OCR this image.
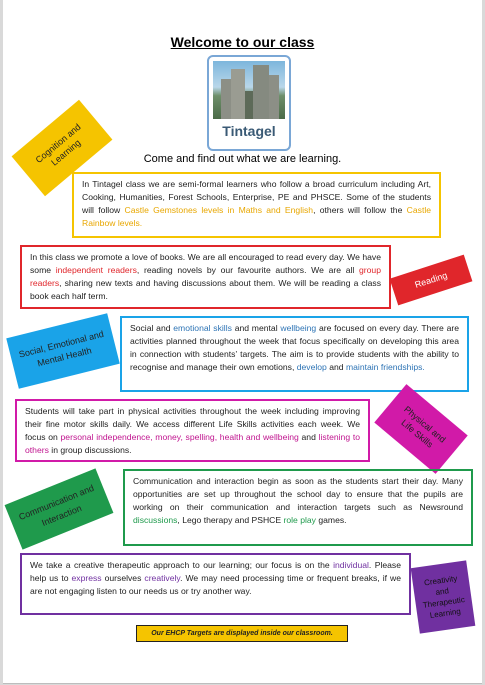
Welcome to our class
Tintagel
Come and find out what we are learning.
Cognition and Learning
In Tintagel class we are semi-formal learners who follow a broad curriculum including Art, Cooking, Humanities, Forest Schools, Enterprise, PE and PHSCE. Some of the students will follow Castle Gemstones levels in Maths and English, others will follow the Castle Rainbow levels.
In this class we promote a love of books. We are all encouraged to read every day. We have some independent readers, reading novels by our favourite authors. We are all group readers, sharing new texts and having discussions about them. We will be reading a class book each half term.
Reading
Social, Emotional and Mental Health
Social and emotional skills and mental wellbeing are focused on every day. There are activities planned throughout the week that focus specifically on developing this area in connection with students’ targets. The aim is to provide students with the ability to recognise and manage their own emotions, develop and maintain friendships.
Students will take part in physical activities throughout the week including improving their fine motor skills daily. We access different Life Skills activities each week. We focus on personal independence, money, spelling, health and wellbeing and listening to others in group discussions.
Physical and Life Skills
Communication and Interaction
Communication and interaction begin as soon as the students start their day. Many opportunities are set up throughout the school day to ensure that the pupils are working on their communication and interaction targets such as Newsround discussions, Lego therapy and PSHCE role play games.
We take a creative therapeutic approach to our learning; our focus is on the individual. Please help us to express ourselves creatively. We may need processing time or frequent breaks, if we are not engaging listen to our needs us or try another way.
Creativity and Therapeutic Learning
Our EHCP Targets are displayed inside our classroom.
